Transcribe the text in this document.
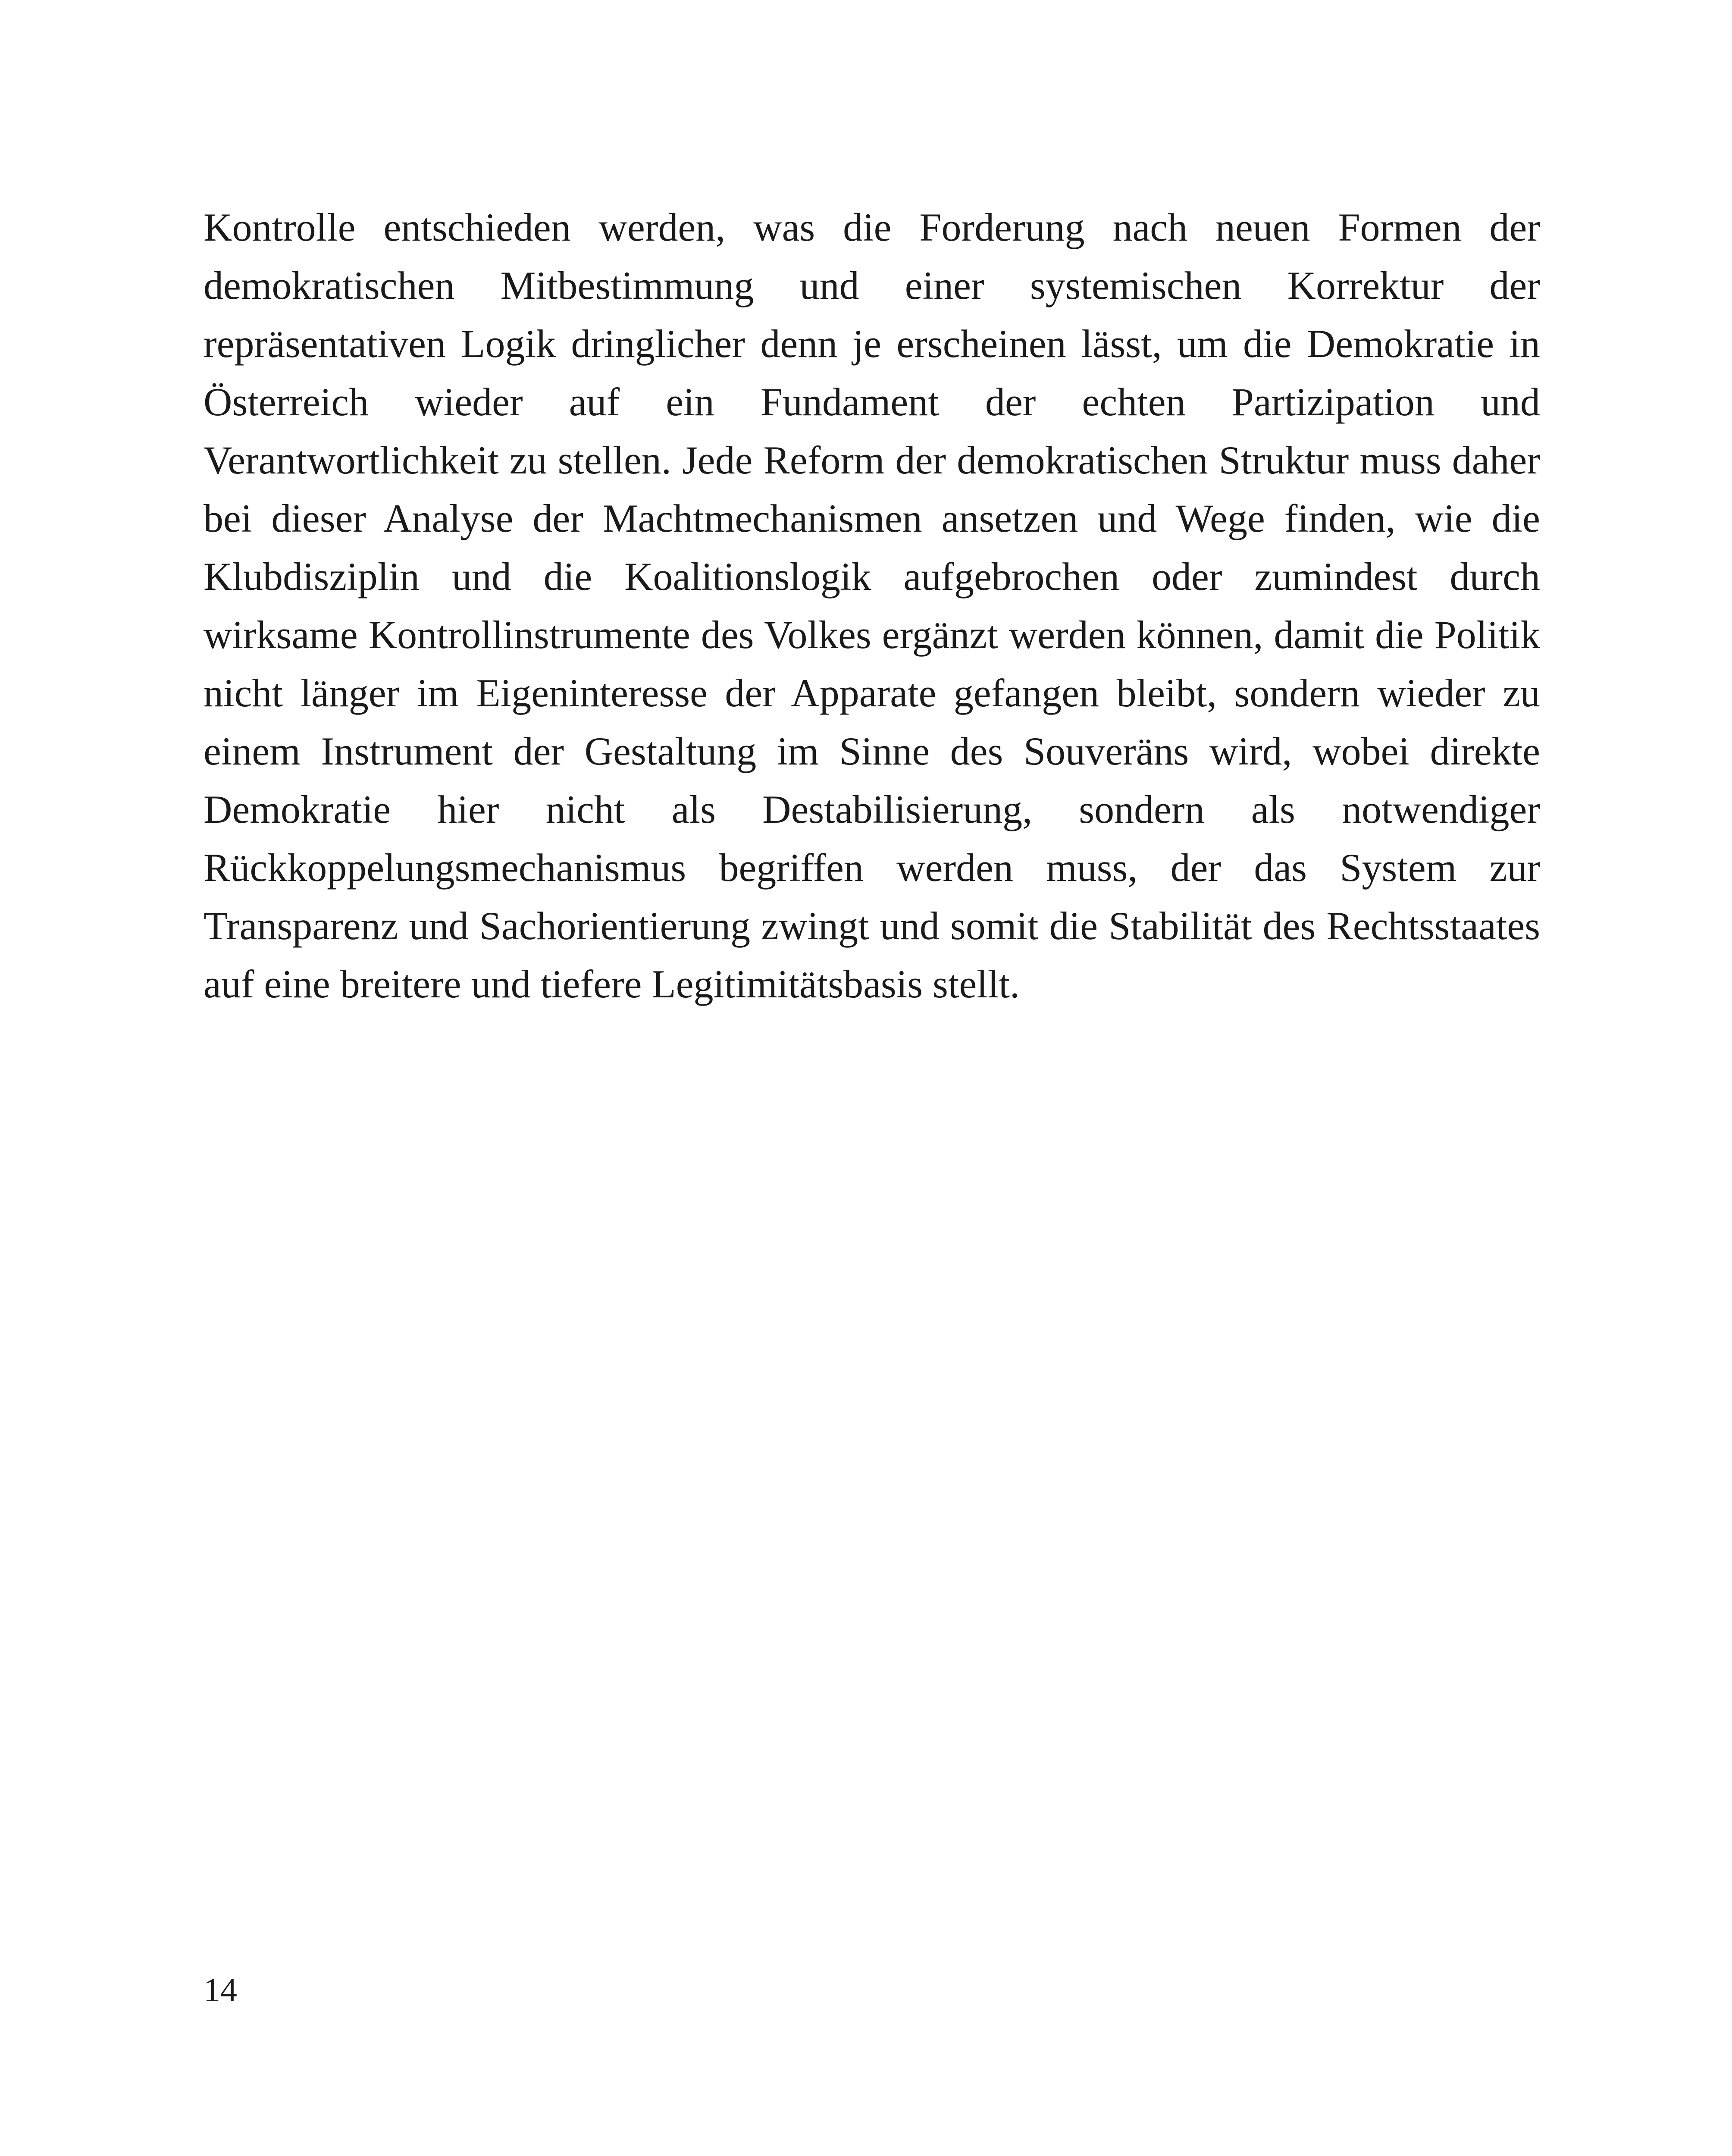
Kontrolle entschieden werden, was die Forderung nach neuen Formen der demokratischen Mitbestimmung und einer systemischen Korrektur der repräsentativen Logik dringlicher denn je erscheinen lässt, um die Demokratie in Österreich wieder auf ein Fundament der echten Partizipation und Verantwortlichkeit zu stellen. Jede Reform der demokratischen Struktur muss daher bei dieser Analyse der Machtmechanismen ansetzen und Wege finden, wie die Klubdisziplin und die Koalitionslogik aufgebrochen oder zumindest durch wirksame Kontrollinstrumente des Volkes ergänzt werden können, damit die Politik nicht länger im Eigeninteresse der Apparate gefangen bleibt, sondern wieder zu einem Instrument der Gestaltung im Sinne des Souveräns wird, wobei direkte Demokratie hier nicht als Destabilisierung, sondern als notwendiger Rückkoppelungsmechanismus begriffen werden muss, der das System zur Transparenz und Sachorientierung zwingt und somit die Stabilität des Rechtsstaates auf eine breitere und tiefere Legitimitätsbasis stellt.

14
